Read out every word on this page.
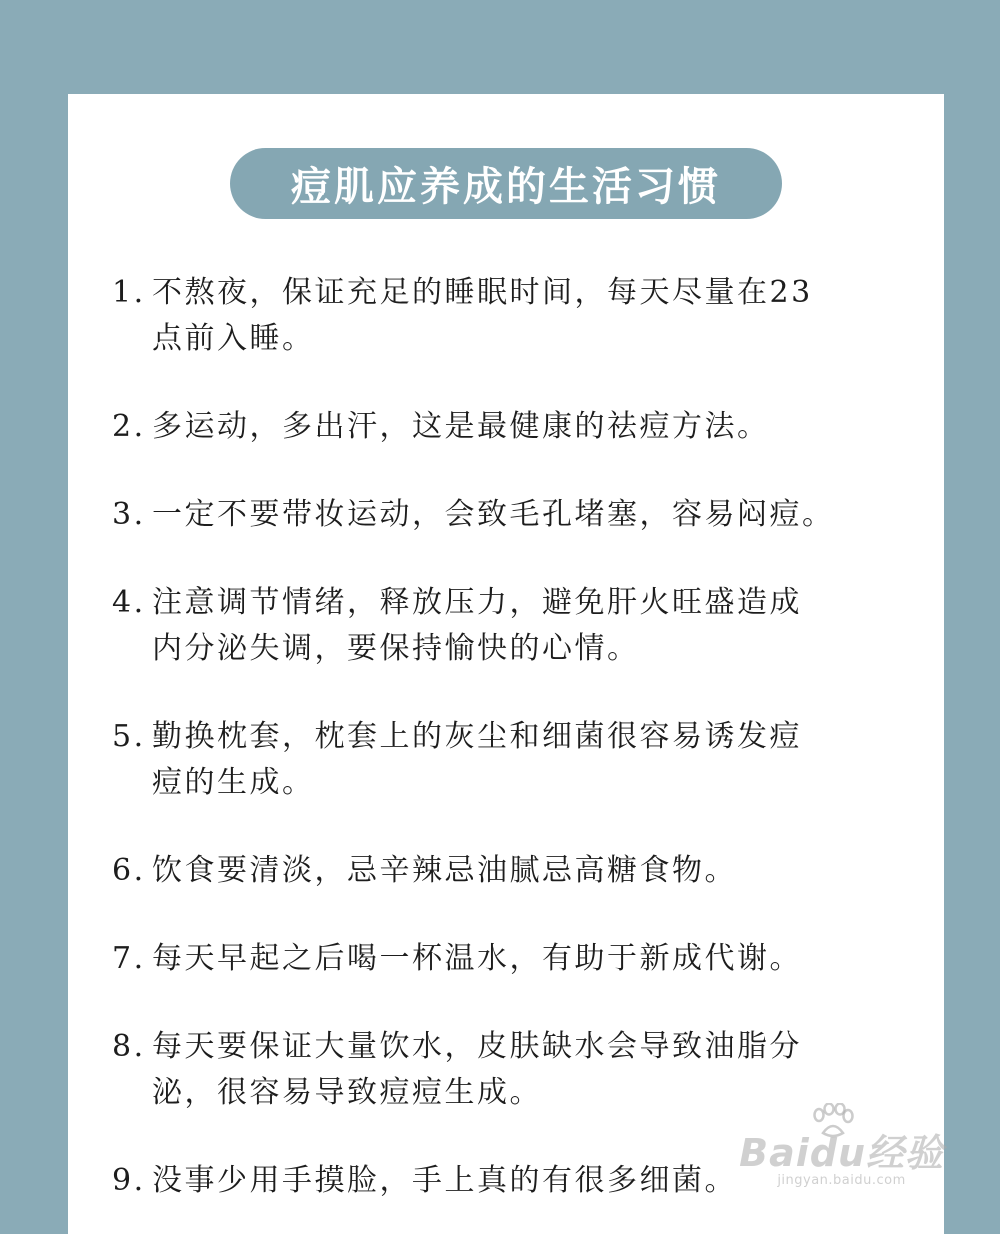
痘肌应养成的生活习惯
1. 不熬夜，保证充足的睡眠时间，每天尽量在23
点前入睡。
2. 多运动，多出汗，这是最健康的祛痘方法。
3. 一定不要带妆运动，会致毛孔堵塞，容易闷痘。
4. 注意调节情绪，释放压力，避免肝火旺盛造成
内分泌失调，要保持愉快的心情。
5. 勤换枕套，枕套上的灰尘和细菌很容易诱发痘
痘的生成。
6. 饮食要清淡，忌辛辣忌油腻忌高糖食物。
7. 每天早起之后喝一杯温水，有助于新成代谢。
8. 每天要保证大量饮水，皮肤缺水会导致油脂分
泌，很容易导致痘痘生成。
9. 没事少用手摸脸，手上真的有很多细菌。
Baidu经验
jingyan.baidu.com
